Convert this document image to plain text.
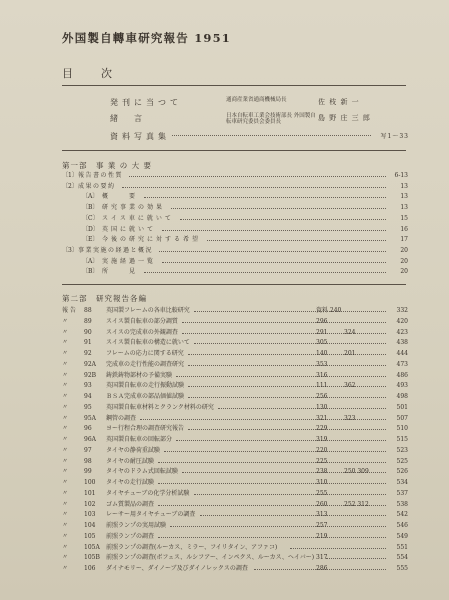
外国製自轉車研究報告 1951
目次
発刊に当つて	通商産業省通商機械局長	佐 枝 新 一
緒言	日本自転車工業会技術部長 外国製自転車研究委員会委員長	島 野 庄 三 郎
資料写真集	写1〜33
第一部　事 業 の 大 要
〔1〕 報告書の性質	6-13
〔2〕 成果の要約	13
〔A〕 概　　要	13
〔B〕 研究事業の効果	13
〔C〕 スイス車に就いて	15
〔D〕 英国に就いて	16
〔E〕 今後の研究に対する希望	17
〔3〕 事業実施の経過と概況	20
〔A〕 実施経過一覧	20
〔B〕 所　　見	20
第二部　研究報告各編
報 告	88	英国製フレームの各車比較研究	資料 240	332
〃	89	スイス製自転車の部分調質	296	420
〃	90	スイスの完成車の外観調査	291	324	423
〃	91	スイス製自転車の構造に就いて	305	438
〃	92	フレームの応力に関する研究	140	201	444
〃	92A	完成車の走行性能の調査研究	353	473
〃	92B	鋳鉄鋳物部材の予備実験	316	486
〃	93	英国製自転車の走行振動試験	111	362	493
〃	94	ＢＳＡ完成車の部品価値試験	256	498
〃	95	英国製自転車材料とクランク材料の研究	130	501
〃	95A	鋼管の調査	321	323	507
〃	96	ヨー行程合理の調査研究報告	229	510
〃	96A	英国製自転車の回転部分	319	515
〃	97	タイヤの静荷重試験	220	523
〃	98	タイヤの耐圧試験	225	525
〃	99	タイヤのドラム式回転試験	238	250 309	526
〃	100	タイヤの走行試験	310	534
〃	101	タイヤチューブの化学分析試験	255	537
〃	102	ゴム質製品の調査	260	252 312	538
〃	103	レーサー用タイヤチューブの調査	313	542
〃	104	前照ランプの実用試験	257	546
〃	105	前照ランプの調査	219	549
〃	105A	前照ランプの調査(ルーカス、ミラー、フイリタイン、アファコ)	551
〃	105B	前照ランプの調査(ボフェス、ルシフアー、インペクス、ルーカス、ヘイバー) 317	554
〃	106	ダイナモリー、ダイノーブ及びダイノレックスの調査	286	555
